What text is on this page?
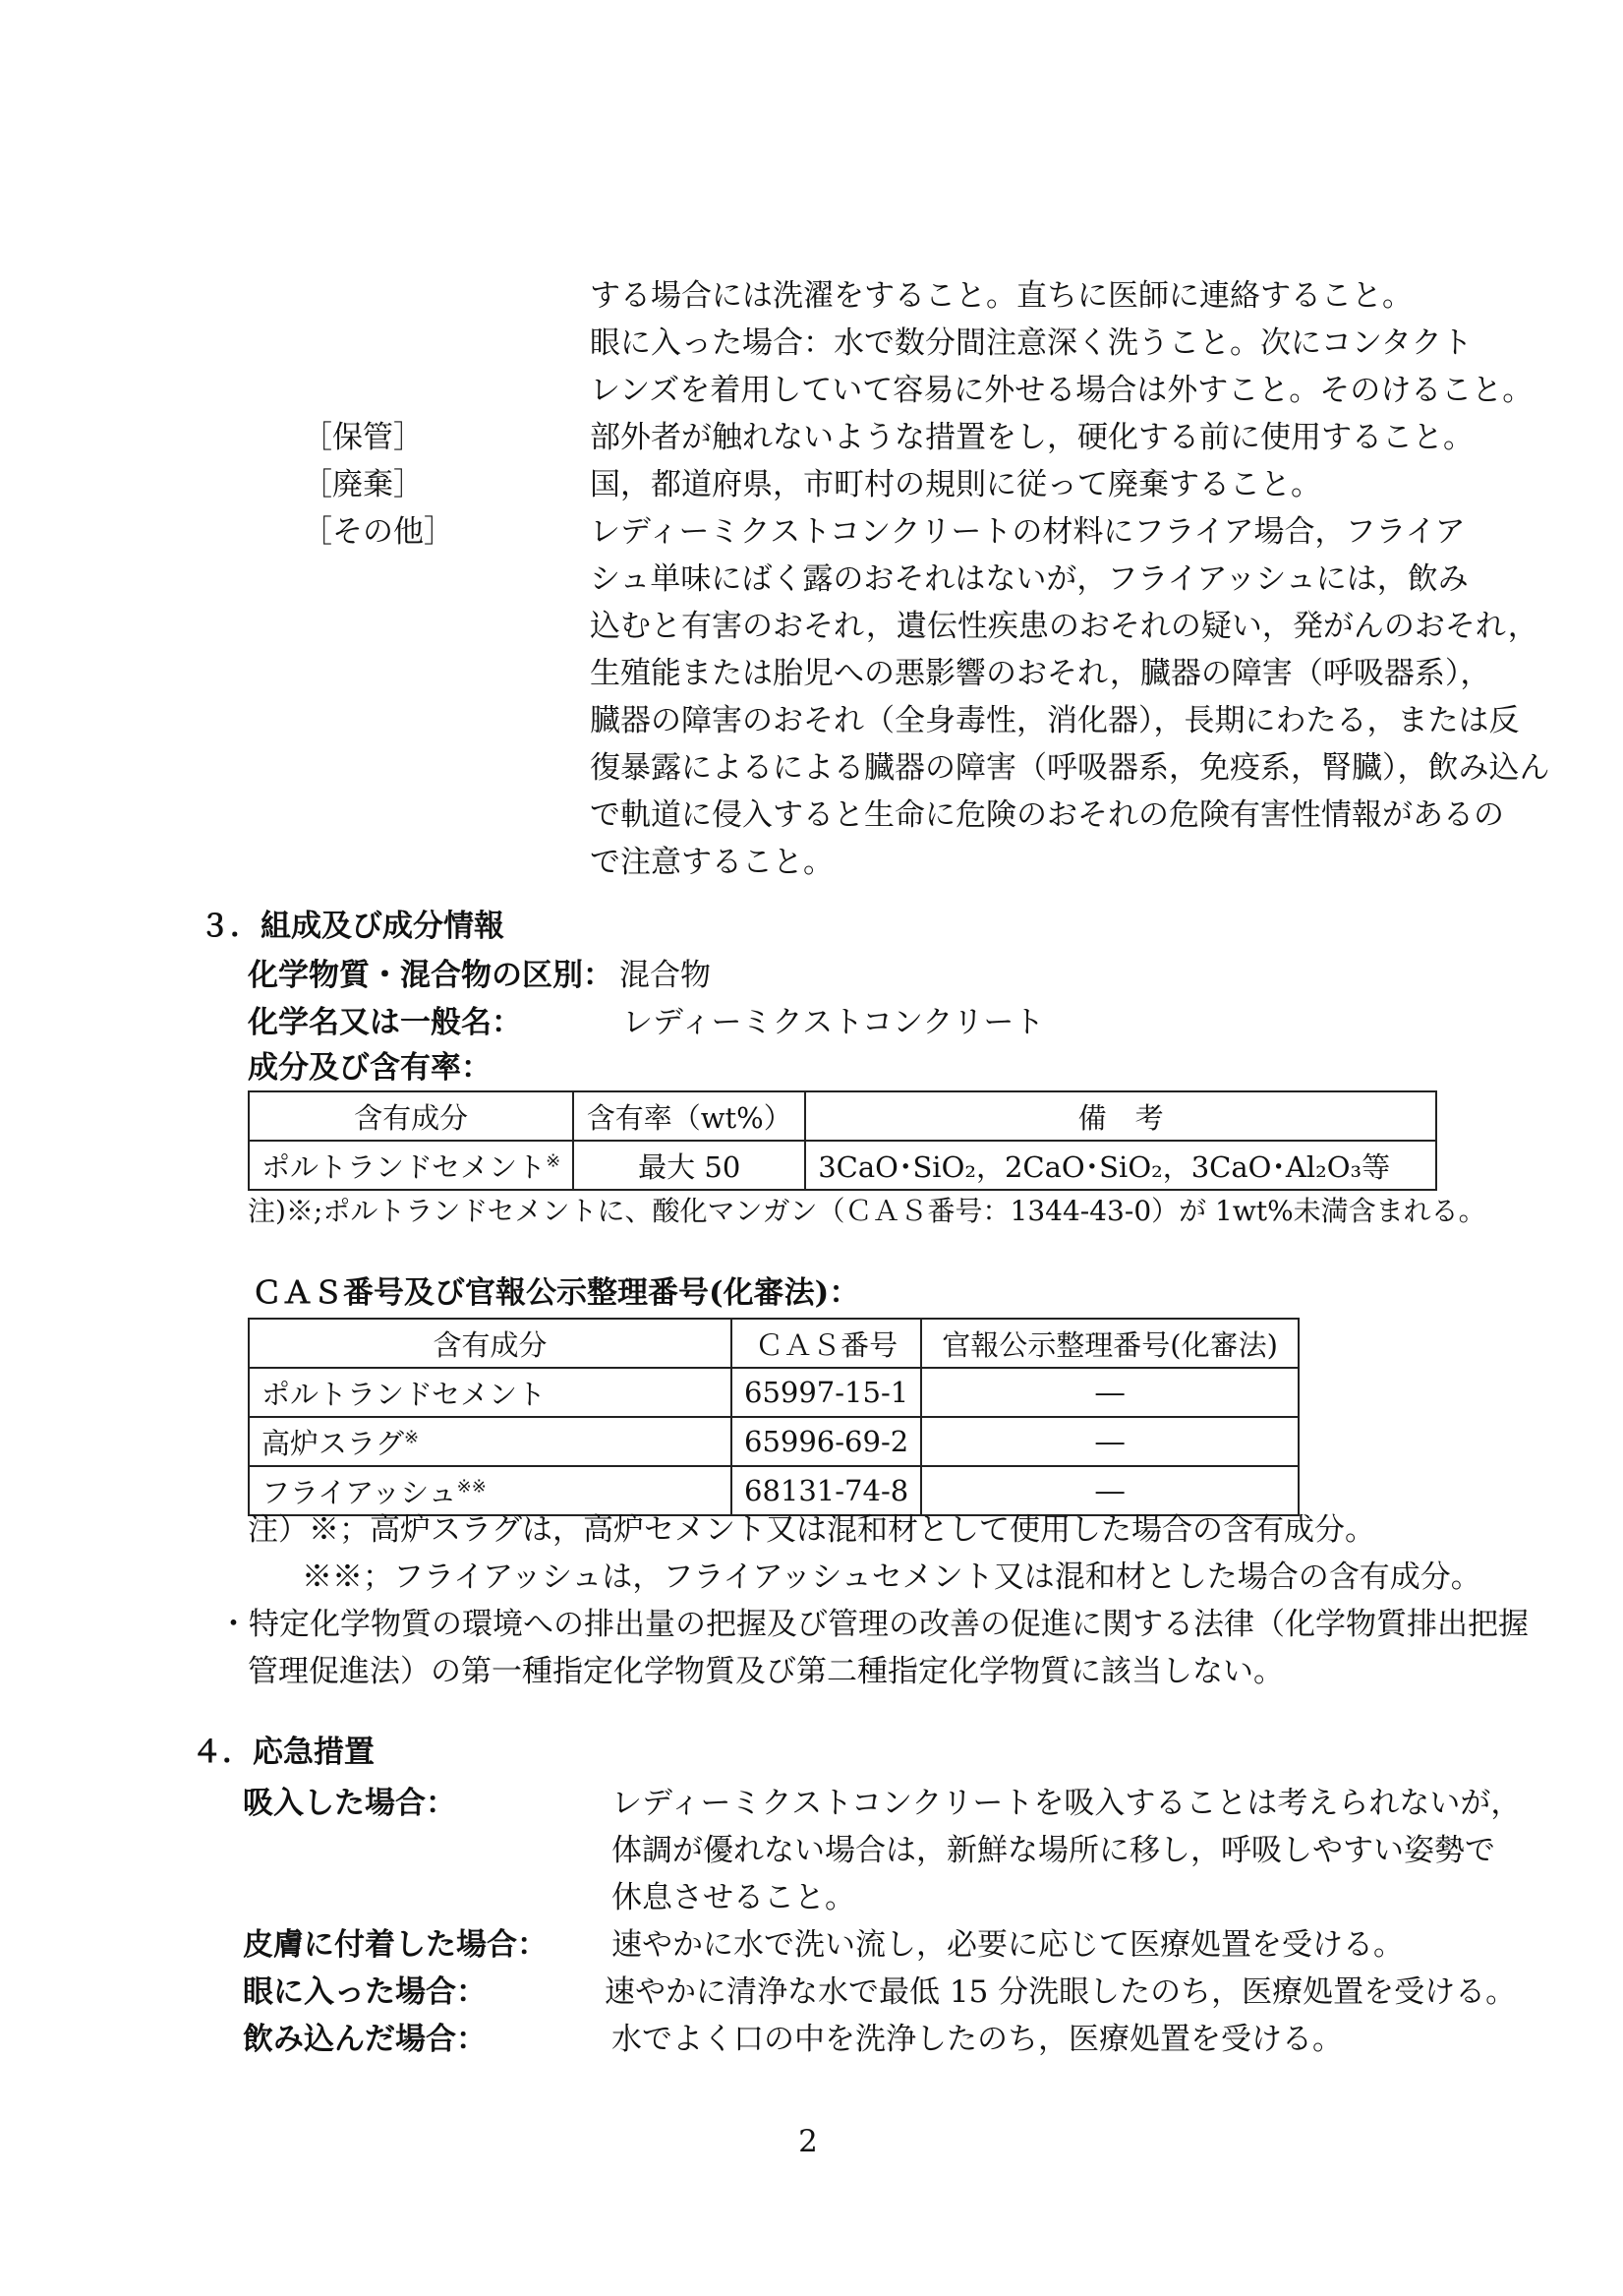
する場合には洗濯をすること。直ちに医師に連絡すること。
眼に入った場合：水で数分間注意深く洗うこと。次にコンタクト
レンズを着用していて容易に外せる場合は外すこと。そのけること。
［保管］	部外者が触れないような措置をし，硬化する前に使用すること。
［廃棄］	国，都道府県，市町村の規則に従って廃棄すること。
［その他］	レディーミクストコンクリートの材料にフライア場合，フライア
シュ単味にばく露のおそれはないが，フライアッシュには，飲み
込むと有害のおそれ，遺伝性疾患のおそれの疑い，発がんのおそれ，
生殖能または胎児への悪影響のおそれ，臓器の障害（呼吸器系），
臓器の障害のおそれ（全身毒性，消化器），長期にわたる，または反
復暴露によるによる臓器の障害（呼吸器系，免疫系，腎臓），飲み込ん
で軌道に侵入すると生命に危険のおそれの危険有害性情報があるの
で注意すること。
３．組成及び成分情報
化学物質・混合物の区別： 混合物
化学名又は一般名：	レディーミクストコンクリート
成分及び含有率：
含有成分	含有率（wt%）	備　考
ポルトランドセメント※	最大 50	3CaO･SiO₂，2CaO･SiO₂，3CaO･Al₂O₃等
注)※;ポルトランドセメントに、酸化マンガン（ＣＡＳ番号：1344-43-0）が 1wt%未満含まれる。
ＣＡＳ番号及び官報公示整理番号(化審法)：
含有成分	ＣＡＳ番号	官報公示整理番号(化審法)
ポルトランドセメント	65997-15-1	―
高炉スラグ※	65996-69-2	―
フライアッシュ※※	68131-74-8	―
注）※；高炉スラグは，高炉セメント又は混和材として使用した場合の含有成分。
※※；フライアッシュは，フライアッシュセメント又は混和材とした場合の含有成分。
・特定化学物質の環境への排出量の把握及び管理の改善の促進に関する法律（化学物質排出把握
管理促進法）の第一種指定化学物質及び第二種指定化学物質に該当しない。
４．応急措置
吸入した場合：	レディーミクストコンクリートを吸入することは考えられないが，
体調が優れない場合は，新鮮な場所に移し，呼吸しやすい姿勢で
休息させること。
皮膚に付着した場合： 速やかに水で洗い流し，必要に応じて医療処置を受ける。
眼に入った場合：	速やかに清浄な水で最低 15 分洗眼したのち，医療処置を受ける。
飲み込んだ場合：	水でよく口の中を洗浄したのち，医療処置を受ける。
2
